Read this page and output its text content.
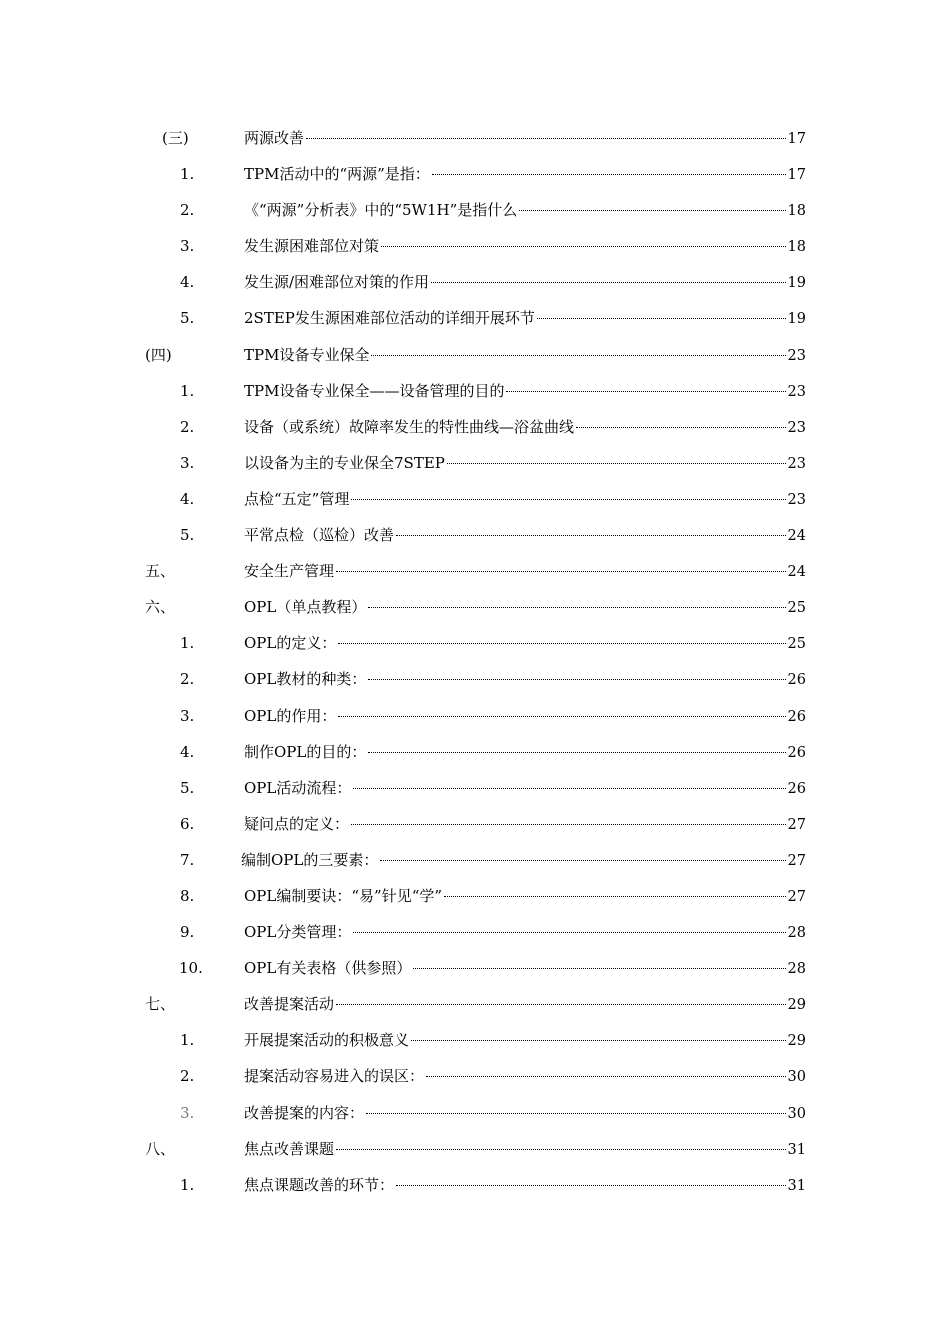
(三)	两源改善	17
1.	TPM活动中的“两源”是指：	17
2.	《“两源”分析表》中的“5W1H”是指什么	18
3.	发生源困难部位对策	18
4.	发生源/困难部位对策的作用	19
5.	2STEP发生源困难部位活动的详细开展环节	19
(四)	TPM设备专业保全	23
1.	TPM设备专业保全——设备管理的目的	23
2.	设备（或系统）故障率发生的特性曲线—浴盆曲线	23
3.	以设备为主的专业保全7STEP	23
4.	点检“五定”管理	23
5.	平常点检（巡检）改善	24
五、	安全生产管理	24
六、	OPL（单点教程）	25
1.	OPL的定义：	25
2.	OPL教材的种类：	26
3.	OPL的作用：	26
4.	制作OPL的目的：	26
5.	OPL活动流程：	26
6.	疑问点的定义：	27
7.	编制OPL的三要素：	27
8.	OPL编制要诀：“易”针见“学”	27
9.	OPL分类管理：	28
10.	OPL有关表格（供参照）	28
七、	改善提案活动	29
1.	开展提案活动的积极意义	29
2.	提案活动容易进入的误区：	30
3.	改善提案的内容：	30
八、	焦点改善课题	31
1.	焦点课题改善的环节：	31
